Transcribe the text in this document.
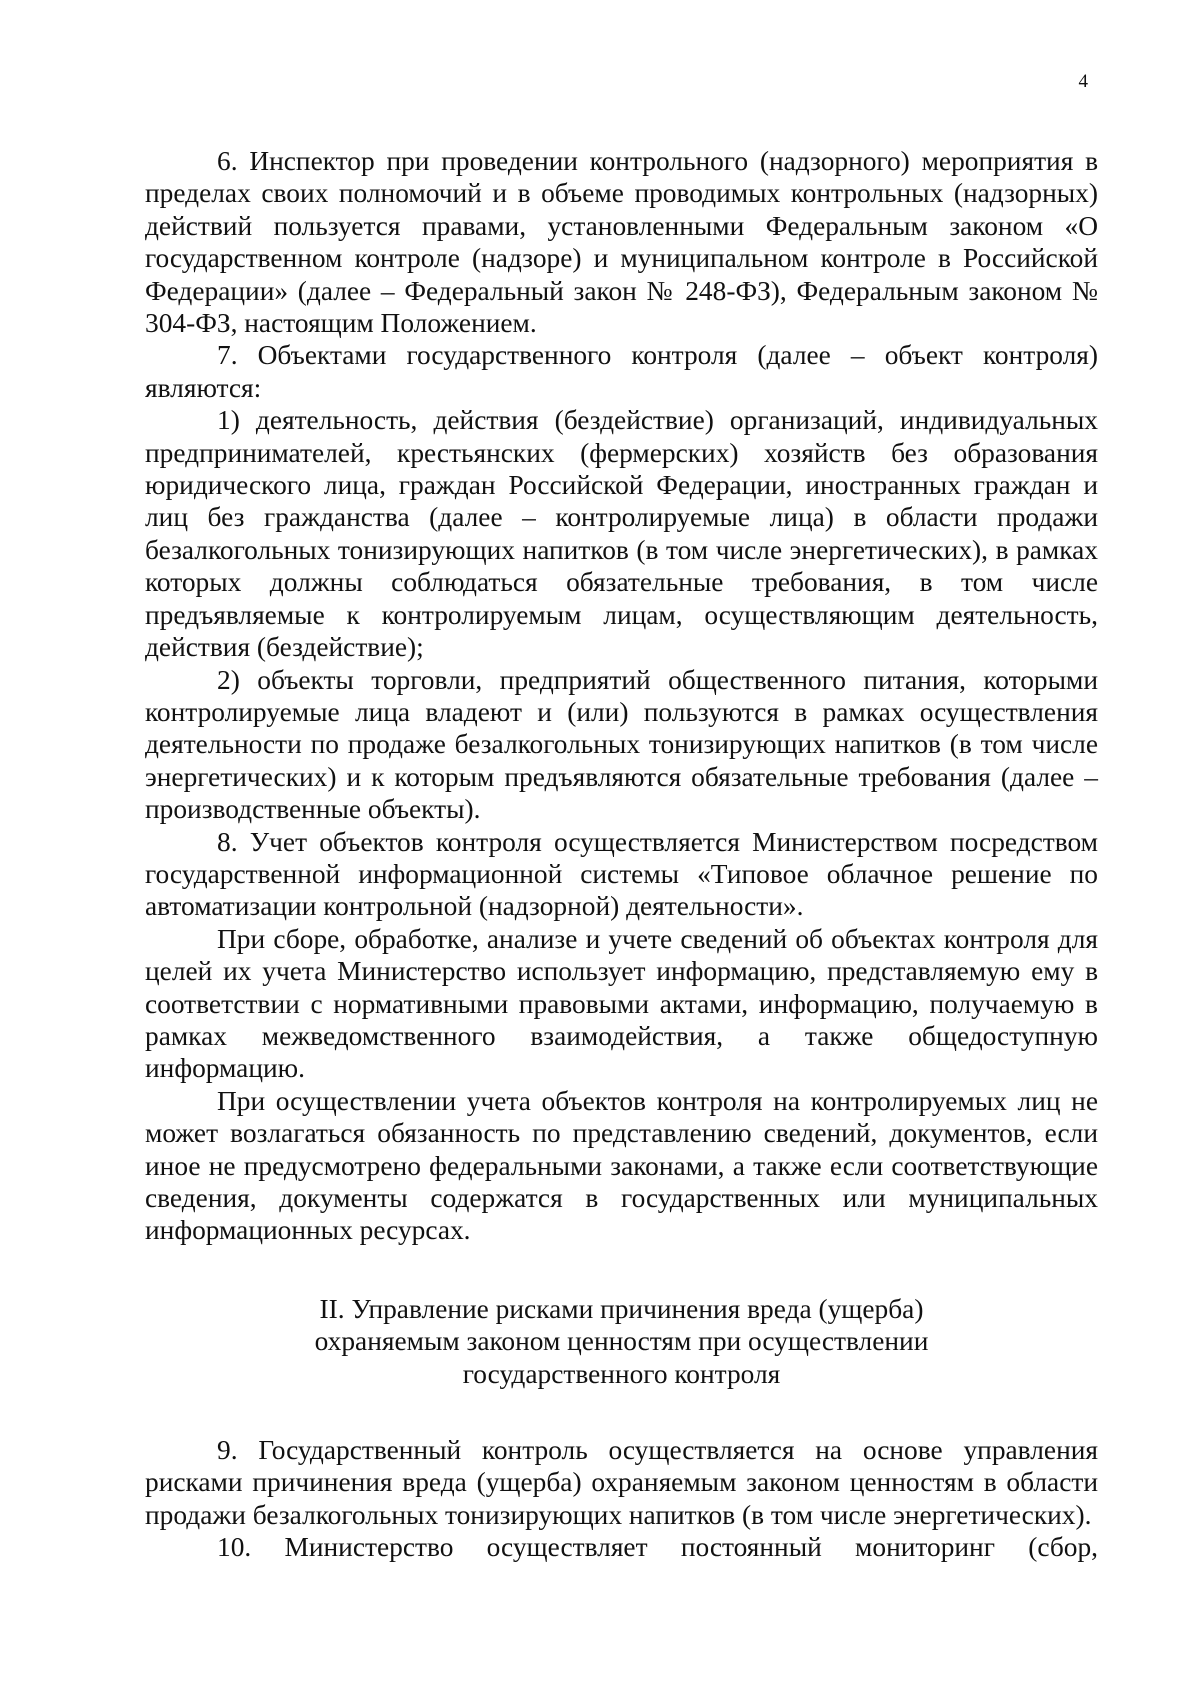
4

6. Инспектор при проведении контрольного (надзорного) мероприятия в пределах своих полномочий и в объеме проводимых контрольных (надзорных) действий пользуется правами, установленными Федеральным законом «О государственном контроле (надзоре) и муниципальном контроле в Российской Федерации» (далее – Федеральный закон № 248-ФЗ), Федеральным законом № 304-ФЗ, настоящим Положением.

7. Объектами государственного контроля (далее – объект контроля) являются:

1) деятельность, действия (бездействие) организаций, индивидуальных предпринимателей, крестьянских (фермерских) хозяйств без образования юридического лица, граждан Российской Федерации, иностранных граждан и лиц без гражданства (далее – контролируемые лица) в области продажи безалкогольных тонизирующих напитков (в том числе энергетических), в рамках которых должны соблюдаться обязательные требования, в том числе предъявляемые к контролируемым лицам, осуществляющим деятельность, действия (бездействие);

2) объекты торговли, предприятий общественного питания, которыми контролируемые лица владеют и (или) пользуются в рамках осуществления деятельности по продаже безалкогольных тонизирующих напитков (в том числе энергетических) и к которым предъявляются обязательные требования (далее – производственные объекты).

8. Учет объектов контроля осуществляется Министерством посредством государственной информационной системы «Типовое облачное решение по автоматизации контрольной (надзорной) деятельности».

При сборе, обработке, анализе и учете сведений об объектах контроля для целей их учета Министерство использует информацию, представляемую ему в соответствии с нормативными правовыми актами, информацию, получаемую в рамках межведомственного взаимодействия, а также общедоступную информацию.

При осуществлении учета объектов контроля на контролируемых лиц не может возлагаться обязанность по представлению сведений, документов, если иное не предусмотрено федеральными законами, а также если соответствующие сведения, документы содержатся в государственных или муниципальных информационных ресурсах.

II. Управление рисками причинения вреда (ущерба)
охраняемым законом ценностям при осуществлении
государственного контроля

9. Государственный контроль осуществляется на основе управления рисками причинения вреда (ущерба) охраняемым законом ценностям в области продажи безалкогольных тонизирующих напитков (в том числе энергетических).

10. Министерство осуществляет постоянный мониторинг (сбор,
